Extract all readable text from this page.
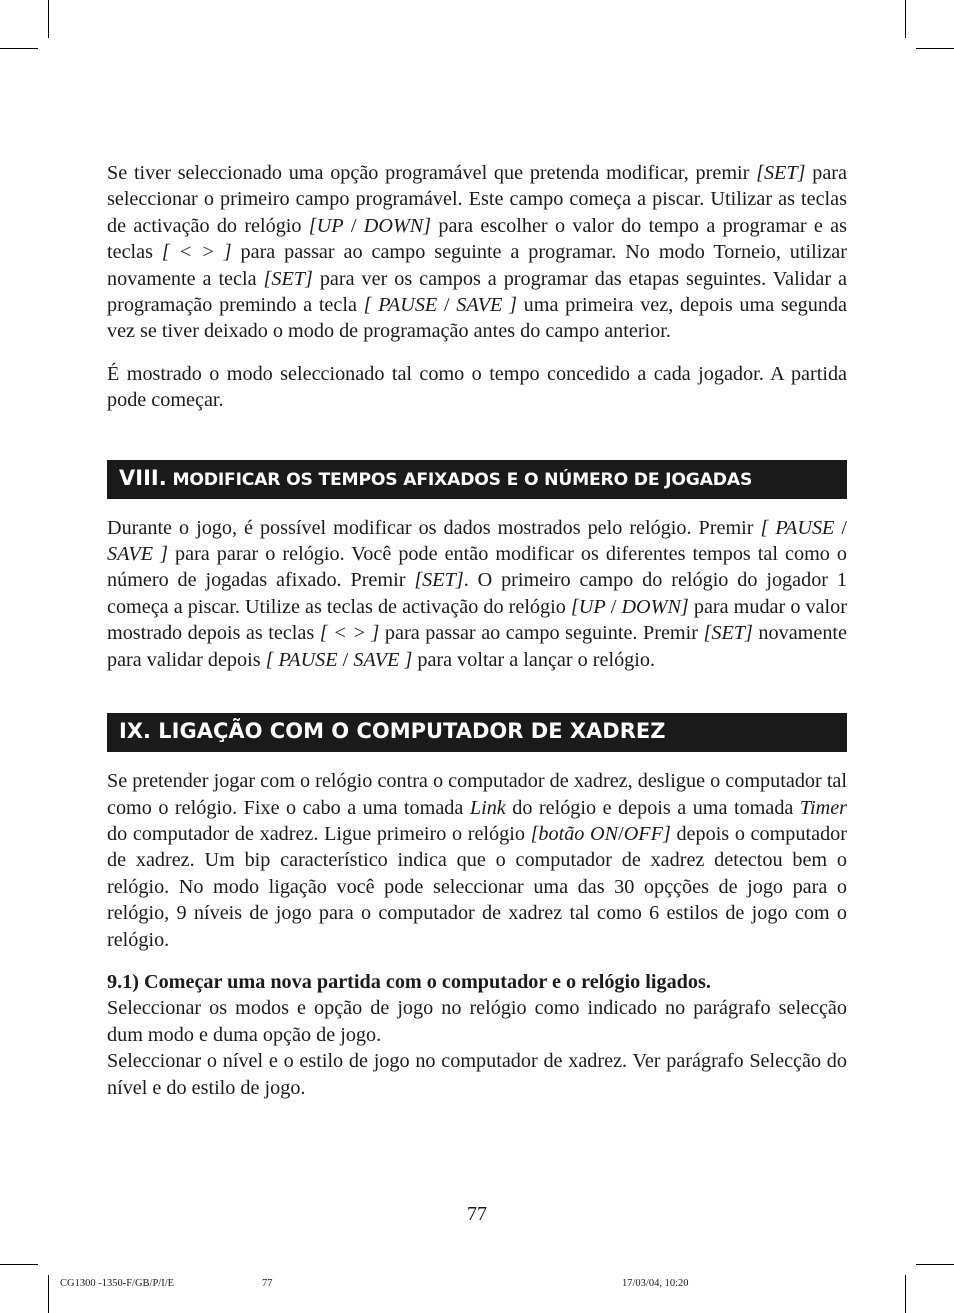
Se tiver seleccionado uma opção programável que pretenda modificar, premir [SET] para seleccionar o primeiro campo programável. Este campo começa a piscar. Utilizar as teclas de activação do relógio [UP / DOWN] para escolher o valor do tempo a programar e as teclas [ < > ] para passar ao campo seguinte a programar. No modo Torneio, utilizar novamente a tecla [SET] para ver os campos a programar das etapas seguintes. Validar a programação premindo a tecla [ PAUSE / SAVE ] uma primeira vez, depois uma segunda vez se tiver deixado o modo de programação antes do campo anterior.

É mostrado o modo seleccionado tal como o tempo concedido a cada jogador. A partida pode começar.

VIII. MODIFICAR OS TEMPOS AFIXADOS E O NÚMERO DE JOGADAS

Durante o jogo, é possível modificar os dados mostrados pelo relógio. Premir [ PAUSE / SAVE ] para parar o relógio. Você pode então modificar os diferentes tempos tal como o número de jogadas afixado. Premir [SET]. O primeiro campo do relógio do jogador 1 começa a piscar. Utilize as teclas de activação do relógio [UP / DOWN] para mudar o valor mostrado depois as teclas [ < > ] para passar ao campo seguinte. Premir [SET] novamente para validar depois [ PAUSE / SAVE ] para voltar a lançar o relógio.

IX. LIGAÇÃO COM O COMPUTADOR DE XADREZ

Se pretender jogar com o relógio contra o computador de xadrez, desligue o computador tal como o relógio. Fixe o cabo a uma tomada Link do relógio e depois a uma tomada Timer do computador de xadrez. Ligue primeiro o relógio [botão ON/OFF] depois o computador de xadrez. Um bip característico indica que o computador de xadrez detectou bem o relógio. No modo ligação você pode seleccionar uma das 30 opçções de jogo para o relógio, 9 níveis de jogo para o computador de xadrez tal como 6 estilos de jogo com o relógio.

9.1) Começar uma nova partida com o computador e o relógio ligados.

Seleccionar os modos e opção de jogo no relógio como indicado no parágrafo selecção dum modo e duma opção de jogo.

Seleccionar o nível e o estilo de jogo no computador de xadrez. Ver parágrafo Selecção do nível e do estilo de jogo.

77
CG1300 -1350-F/GB/P/I/E	77	17/03/04, 10:20
